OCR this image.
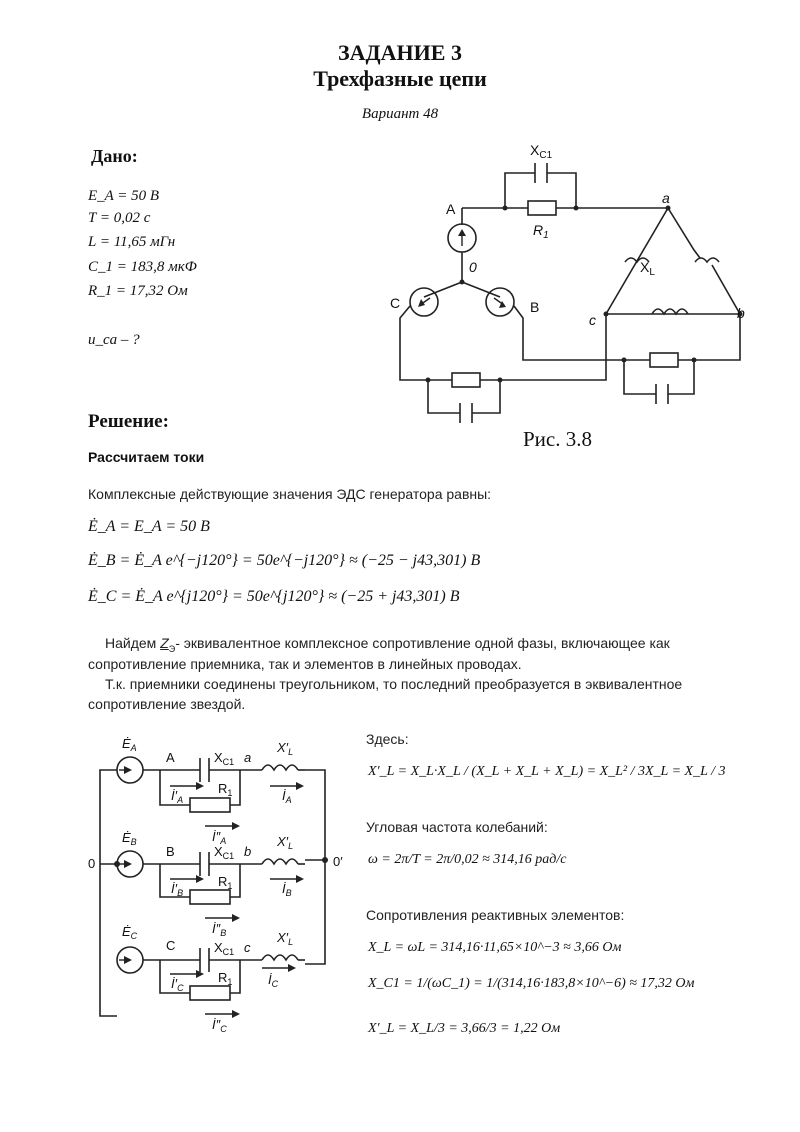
ЗАДАНИЕ 3
Трехфазные цепи
Вариант 48
Дано:
E_A = 50 В
T = 0,02 с
L = 11,65 мГн
C_1 = 183,8 мкФ
R_1 = 17,32 Ом
u_ca – ?
$X_{C1}$
$R_1$
$X_L$
A
0
C	B
a
b
c
Рис. 3.8
Решение:
Рассчитаем токи
Комплексные действующие значения ЭДС генератора равны:
Ė_A = E_A = 50 В
Ė_B = Ė_A e^{−j120°} = 50e^{−j120°} ≈ (−25 − j43,301) В
Ė_C = Ė_A e^{j120°} = 50e^{j120°} ≈ (−25 + j43,301) В
Найдем $Z_Э-$ эквивалентное комплексное сопротивление одной фазы, включающее как
сопротивление приемника, так и элементов в линейных проводах.
Т.к. приемники соединены треугольником, то последний преобразуется в эквивалентное
сопротивление звездой.
$Ė_A$
$Ė_B$
$Ė_C$
A
B
C
$X_{C1}$
$X_{C1}$
$X_{C1}$
a
b
c
$X'_L$
$X'_L$
$X'_L$
$R_1$
$R_1$
$R_1$
$İ'_A$
$İ''_A$
$İ_A$
$İ'_B$
$İ''_B$
$İ_B$
$İ'_C$
$İ''_C$
$İ_C$
0	0′
Здесь:
X′_L = X_L·X_L / (X_L + X_L + X_L) = X_L² / 3X_L = X_L / 3
Угловая частота колебаний:
ω = 2π/T = 2π/0,02 ≈ 314,16 рад/с
Сопротивления реактивных элементов:
X_L = ωL = 314,16·11,65×10^−3 ≈ 3,66 Ом
X_C1 = 1/(ωC_1) = 1/(314,16·183,8×10^−6) ≈ 17,32 Ом
X′_L = X_L/3 = 3,66/3 = 1,22 Ом
